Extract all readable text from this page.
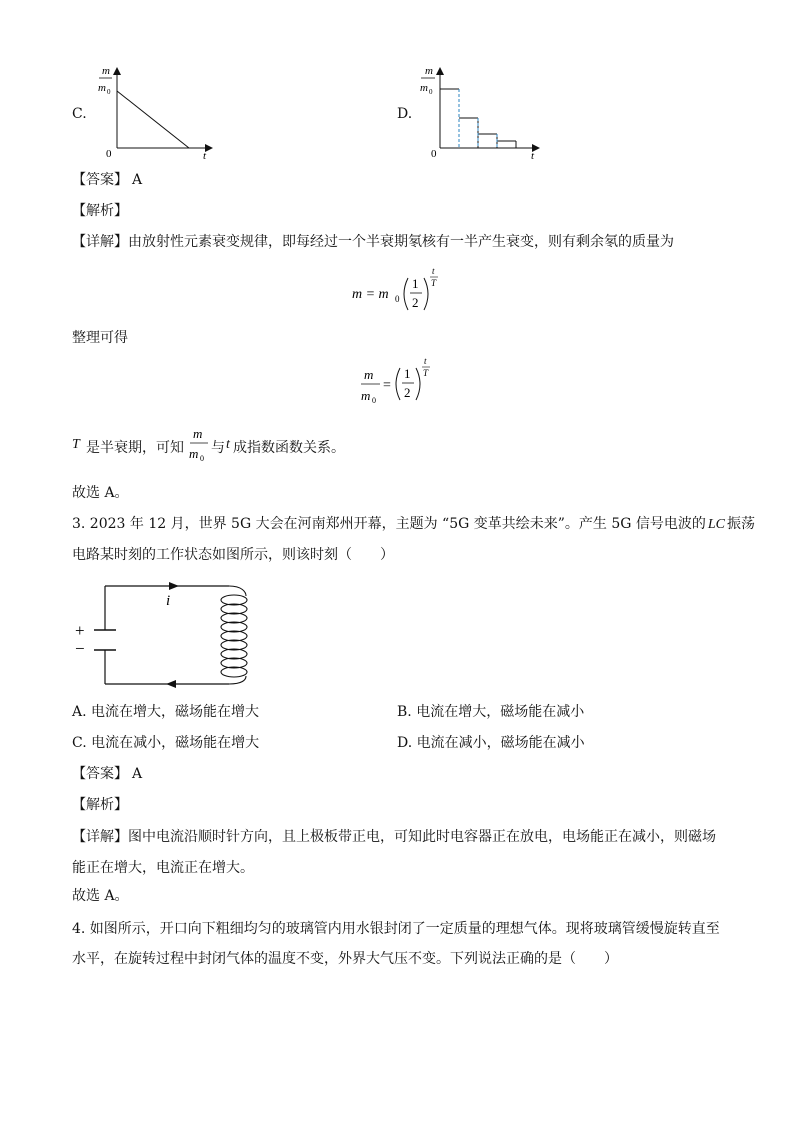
C.
m
m 0
0	t
D.
m
m 0
0	t
【答案】 A
【解析】
【详解】由放射性元素衰变规律，即每经过一个半衰期氡核有一半产生衰变，则有剩余氡的质量为
m = m 0
1
2
t
T
整理可得
m
m 0
=
1
2
t
T
T 是半衰期，可知
m
m 0
与 t 成指数函数关系。
故选 A。
3. 2023 年 12 月，世界 5G 大会在河南郑州开幕，主题为 “5G 变革共绘未来”。产生 5G 信号电波的 LC 振荡
电路某时刻的工作状态如图所示，则该时刻（　　）
i
+
−
A. 电流在增大，磁场能在增大	B. 电流在增大，磁场能在减小
C. 电流在减小，磁场能在增大	D. 电流在减小，磁场能在减小
【答案】 A
【解析】
【详解】图中电流沿顺时针方向，且上极板带正电，可知此时电容器正在放电，电场能正在减小，则磁场
能正在增大，电流正在增大。
故选 A。
4. 如图所示，开口向下粗细均匀的玻璃管内用水银封闭了一定质量的理想气体。现将玻璃管缓慢旋转直至
水平，在旋转过程中封闭气体的温度不变，外界大气压不变。下列说法正确的是（　　）
